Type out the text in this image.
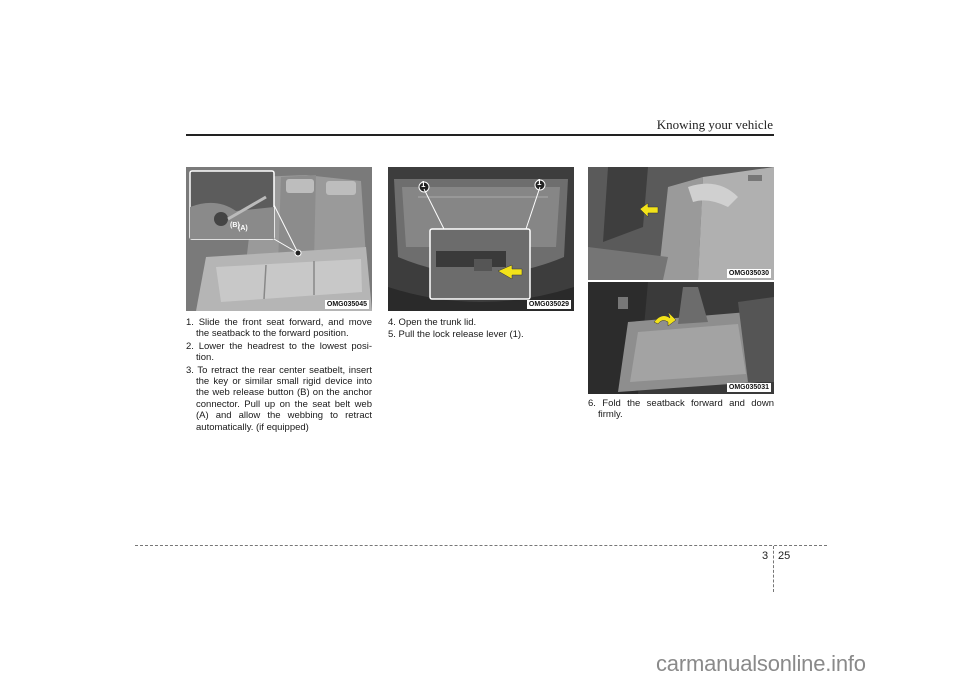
Knowing your vehicle
(B)
(A)
OMG035045
1	1
OMG035029
OMG035030
OMG035031

1. Slide the front seat forward, and move the seatback to the forward position.

2. Lower the headrest to the lowest posi-tion.

3. To retract the rear center seatbelt, insert the key or similar small rigid device into the web release button (B) on the anchor connector. Pull up on the seat belt web (A) and allow the webbing to retract automatically. (if equipped)

4. Open the trunk lid.

5. Pull the lock release lever (1).

6. Fold the seatback forward and down firmly.

3 25
carmanualsonline.info
